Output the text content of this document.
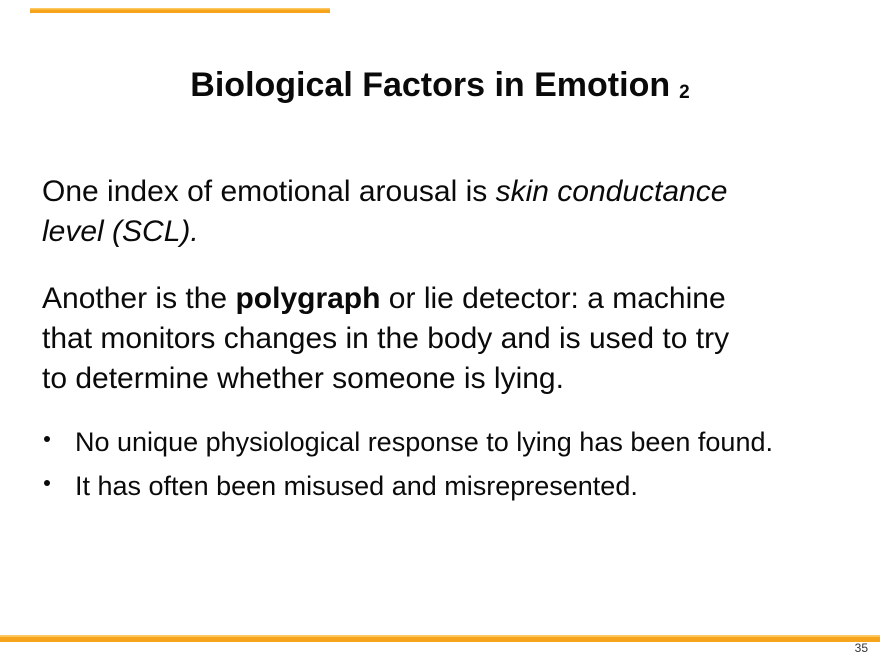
Biological Factors in Emotion 2

One index of emotional arousal is skin conductance
level (SCL).

Another is the polygraph or lie detector: a machine
that monitors changes in the body and is used to try
to determine whether someone is lying.

No unique physiological response to lying has been found.
It has often been misused and misrepresented.
35
